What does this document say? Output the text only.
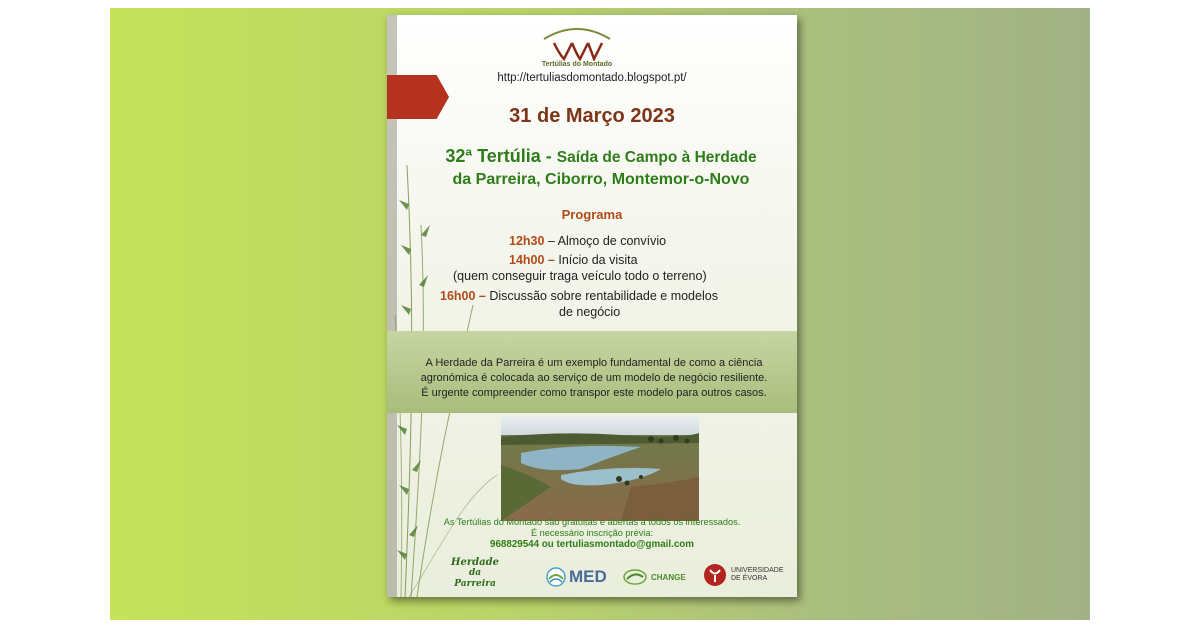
Tertúlias do Montado
http://tertuliasdomontado.blogspot.pt/
31 de Março 2023
32ª Tertúlia - Saída de Campo à Herdade
da Parreira, Ciborro, Montemor-o-Novo
Programa
12h30 – Almoço de convívio
14h00 – Início da visita
(quem conseguir traga veículo todo o terreno)
16h00 – Discussão sobre rentabilidade e modelos
de negócio
A Herdade da Parreira é um exemplo fundamental de como a ciência
agronómica é colocada ao serviço de um modelo de negócio resiliente.
É urgente compreender como transpor este modelo para outros casos.
As Tertúlias do Montado são gratuitas e abertas a todos os interessados.
É necessário inscrição prévia:
968829544 ou tertuliasmontado@gmail.com
Herdade
da Parreira	MED	CHANGE
UNIVERSIDADE
DE ÉVORA
